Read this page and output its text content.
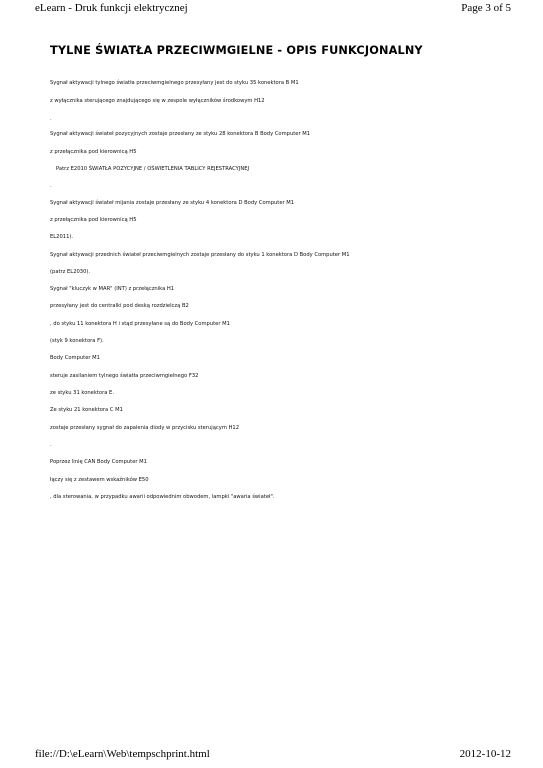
eLearn - Druk funkcji elektrycznej	Page 3 of 5
TYLNE ŚWIATŁA PRZECIWMGIELNE - OPIS FUNKCJONALNY
Sygnał aktywacji tylnego światła przeciwmgielnego przesyłany jest do styku 35 konektora B M1
z wyłącznika sterującego znajdującego się w zespole wyłączników środkowym H12
.
Sygnał aktywacji świateł pozycyjnych zostaje przesłany ze styku 28 konektora B Body Computer M1
z przełącznika pod kierownicą H5
Patrz E2010 ŚWIATŁA POZYCYJNE / OŚWIETLENIA TABLICY REJESTRACYJNEJ
.
Sygnał aktywacji świateł mijania zostaje przesłany ze styku 4 konektora D Body Computer M1
z przełącznika pod kierownicą H5
EL2011).
Sygnał aktywacji przednich świateł przeciwmgielnych zostaje przesłany do styku 1 konektora D Body Computer M1
(patrz EL2030).
Sygnał "kluczyk w MAR" (INT) z przełącznika H1
przesyłany jest do centralki pod deską rozdzielczą B2
, do styku 11 konektora H i stąd przesyłane są do Body Computer M1
(styk 9 konektora F).
Body Computer M1
steruje zasilaniem tylnego światła przeciwmgielnego F32
ze styku 31 konektora E.
Ze styku 21 konektora C M1
zostaje przesłany sygnał do zapalenia diody w przycisku sterującym H12
.
Poprzez linię CAN Body Computer M1
łączy się z zestawem wskaźników E50
, dla sterowania, w przypadku awarii odpowiednim obwodem, lampki "awaria świateł".
file://D:\eLearn\Web\tempschprint.html	2012-10-12
